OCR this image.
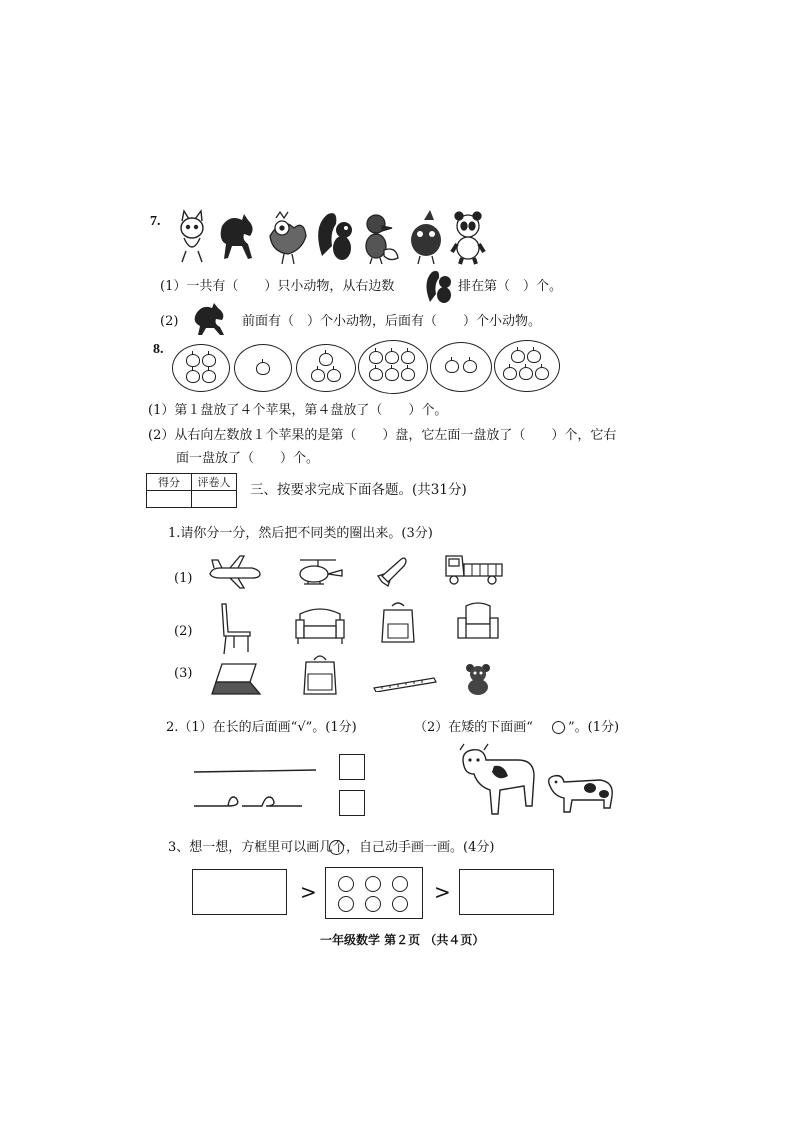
7.
(1）一共有（　　）只小动物，从右边数	排在第（　）个。
(2)	前面有（　）个小动物，后面有（　　）个小动物。
8.
(1）第１盘放了４个苹果，第４盘放了（　　）个。
(2）从右向左数放１个苹果的是第（　　）盘，它左面一盘放了（　　）个，它右
面一盘放了（　　）个。
得分	评卷人
	三、按要求完成下面各题。(共31分)
1.请你分一分，然后把不同类的圈出来。(3分)
(1)
(2)
(3)
2.（1）在长的后面画“√”。(1分)	（2）在矮的下面画“	”。(1分)
3、想一想，方框里可以画几个 ，自己动手画一画。(4分)
>	>
一年级数学 第２页 （共４页）
